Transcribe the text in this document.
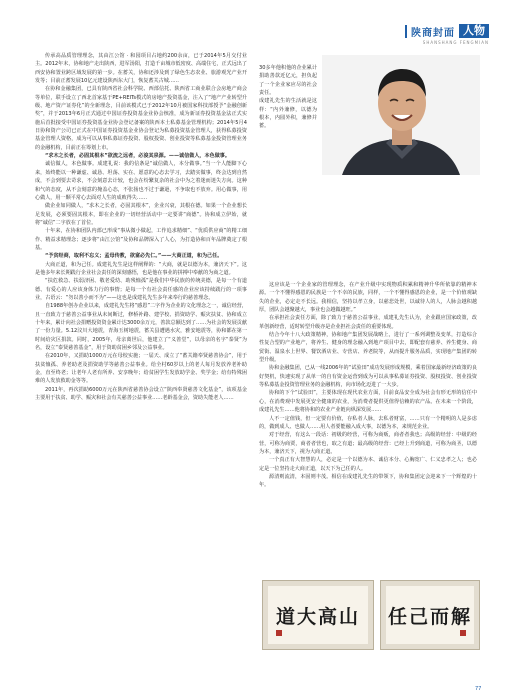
陕商封面 人物
SHANSHANG FENGMIAN

传承高品质管理理念，其由江公馆 · 和园项目占地约200余亩，已于2014年5月交付业主。2012年末，协和地产走出陕西，进军汤阳，打造千亩城市低密度、高端住宅，正式远出了西安协和置业跨区域发展的第一步。在蓄关，协和还涉及到了绿色生态农业、旅游观光产业开发等；目前正蓄发展10亿元建设陕西东大门，恢复蓄关古城……

在协和金融集团，已具有陕西省社会科学院、西部信托、陕西省工商业联合会房地产商会等单位，联手设立了西北首家基于PE+REITs模式的房地产投资基金，注入了“地产产业转型升级、地产资产证券化”的全新理念，目前该模式已于2012年10月被国家科技部授予“金融创新奖”，并于2013年6月正式通过中国证券投资基金业协会核准，成为新证券投资基金法正式实施后首批接受中国证券投资基金业协会登记备案的陕西本土私募基金管理机构；2014年5月4日协和资产公司已正式在中国证券投资基金业协会登记为私募投资基金管理人，获得私募投资基金管理人资格，成为可以从事私募证券投资、股权投资、创业投资等私募基金投资管理业务的金融机构，目前正在筹划上市。

“求木之长者，必固其根本”欲流之远者，必浚其泉源。——诚信做人，本色做事。

诚信做人，本色做事。成建礼说：我的信条是“诚信做人，本分做事。”当一个人能脚下心来，始终能以一种谦虚、诚恳、坦荡、实在、愿意的心态去学习，去踏实做事，终会达到自然成，不会到要去苛求，不会刻意去计较，也会在纷繁复杂的社会中为之着迷而迷失方向。这种和气的态度，从不会刻意的掩盖心态，不张扬也不过于谦逊，不争取也不放弃。用心做事，用心做人，用一颗平常心去面对人生的成败得失……

做企业如同做人，“求木之长者，必固其根本”，企业兴衰，其根在德。如果一个企业想长足发展，必须要固其根本，即在企业的一切经营活动中一定要讲“商德”。协和成立伊始，就将“诚信”二字放在了首位。

十年来，在协和团队内部已形成“事从微小做起，工作追求精细”、“优质供应商”的精工细作、精益求精理念；逐步将“由江公馆”及协和品牌深入了人心，为打造协和百年品牌奠定了根基。

“予贫经商，取利不忘义；孟母传教，欲富必先仁。”——大商正道，和为己任。

大商正道，和为己任。成建礼先生是这样阐释的：“大商，就是以德为本，兼济天下”。这是他多年来长期践行企业社会责任的深刻感悟，也是他在事业的拼搏中奉献的为商之道。

“扶危救急、扶弱济困、敬老爱幼、助残恤孤”是我们中华民族的传统美德，是每一个有道德、有爱心的人应该身体力行的事情；是每一个有社会责任感的企业应该持续践行的一项事业，古语云：“勿以善小而不为”——这也是成建礼先生多年来奉行的慈善理念。

自1988年创办企业以来，成建礼先生将“感恩”二字作为企业的文化理念之一，诚信经营，且一直致力于慈善公益事业从未间断过，修桥补路、建学校、捐资助学、赈灾扶贫、协和成立十年来，累计向社会捐赠投资资金累计达3000余万元，善款总额达到了……为社会的发展贡献了一份力量。5.12汶川大地震，青海玉树地震，蓄关县遭遇水灾，雅安地震等，协和都在第一时间给灾区捐款。同时，2005年，母亲离世后，他建立了“义善堂”，以母亲的名字“泰贤”为名，设立“泰贤慈善基金”，用于资助贫困乡邻及公益事业。

在2010年，又捐助1000万元在母校实施；一届天、成立了“蓄关籍奉贤慈善协会”，用于扶贫恤孤、养老助老及捐资助学等慈善公益事业。给全村60岁以上的老人每月发放养老补助金，直至终老；让老年人老有所养、安享晚年；给贫困学生发放助学金、奖学金；给有特殊困难的人发放救助金等等。

2011年，再次捐助6000万元在陕西省慈善协会设立“陕西奉贤慈善文化基金”，该项基金主要用于扶贫、助学、赈灾和社会有关慈善公益事业……老龄基金会，资助失能老人……

30多年他积他的企业累计捐助善款近亿元，担负起了一个企业家应尽的社会责任。
成建礼先生的生活就是这样：“内外兼修，以德为根本，内圆外积，兼修并蓄。

这应该是一个企业家的管理理念，在产业升级中实现物质积累和精神升华所依靠的精神本源。一个不懂得感恩的民族是一个不幸的民族，同样，一个不懂得感恩的企业，是一个价值观缺失的企业，必定走不长远。我相信，坚持以孝立身，以慈悲处世，以诚待人的人，人脉会越积越厚，团队会越聚越大，事业也会越做越旺。”

在承担社会责任方面，除了致力于慈善公益事业，成建礼先生认为，企业跟应国家政策，改革创新经营，适时转型升级亦是企业担社会责任的重要体现。

结合今年十八大政策精神，协和地产集团发展战略上，进行了一系列调整及变革，打造综合性复合型的产业地产，将养生、健身的理念融入到地产项目中去，即配套有慈养、养生健身、商贸街、温泉水上世界、餐饮酒店业、专营店、养老院等，从而提升服务品质，实现地产集团的转型升级。

协和金融集团，已从一线2006年的“试验田”成功发展形成规模，乘着国家最新经济政策的良好契机，快速实现了从单一的自有资金运营到成为可以从事私募证券投资、股权投资、创业投资等私募基金投资管理业务的金融机构，向市场化迈进了一大步。

协和的下个“试验田”，主要体现在现代农业方面，目前食品安全成为社会有形无形的信任中心，在消费观中发展更安全健康的农业，为消费者提供更值得信赖的农产品。在未来一个阶段，成建礼先生……他将协和的农业产业链向纵深发展……

人不一定值钱，但一定要有价值，存私者人脉，去私者财富，……只有一个精明的人是多虑的，做到成人、也做人……用人者要能融入成大事，以德为本，来规范企业。

对于经营，有这么一段话：初级的经营，可称为商贩，商者者我也；高级的经营：中级的经营，可称为商贾，商者者营也，取之有道；最高级的经营：已经上升到商道，可称为商圣，以德为本，兼济天下，视为大商正道。

一个真正有大智慧的人，必定是一个以德为本、诚信本分、心胸宽广、仁义忠孝之人；也必定是一位坚持走大商正道，以天下为己任的人。

源清则流清，本固则丰茂。相信在成建礼先生的带领下，协和集团定会迎来下一个辉煌的十年。

道大高山 任己而解
77
